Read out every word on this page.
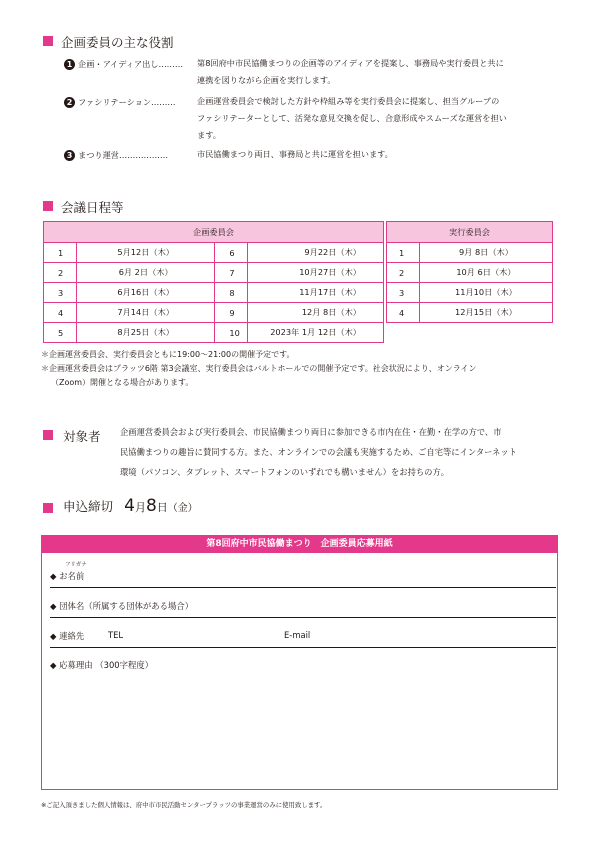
企画委員の主な役割
1 企画・アイディア出し……… 第8回府中市民協働まつりの企画等のアイディアを提案し、事務局や実行委員と共に
連携を図りながら企画を実行します。
2 ファシリテーション………	企画運営委員会で検討した方針や枠組み等を実行委員会に提案し、担当グループの
ファシリテーターとして、活発な意見交換を促し、合意形成やスムーズな運営を担い
ます。
3 まつり運営………………	市民協働まつり両日、事務局と共に運営を担います。
会議日程等
企画委員会			
1	5月12日（木）	6	9月22日（木）
2	6月 2日（木）	7	10月27日（木）
3	6月16日（木）	8	11月17日（木）
4	7月14日（木）	9	12月 8日（木）
5	8月25日（木）	10	2023年 1月 12日（木）
実行委員会	
1	9月 8日（木）
2	10月 6日（木）
3	11月10日（木）
4	12月15日（木）
＊企画運営委員会、実行委員会ともに19:00～21:00の開催予定です。
＊企画運営委員会はプラッツ6階 第3会議室、実行委員会はバルトホールでの開催予定です。社会状況により、オンライン
（Zoom）開催となる場合があります。
対象者 企画運営委員会および実行委員会、市民協働まつり両日に参加できる市内在住・在勤・在学の方で、市
民協働まつりの趣旨に賛同する方。また、オンラインでの会議も実施するため、ご自宅等にインターネット
環境（パソコン、タブレット、スマートフォンのいずれでも構いません）をお持ちの方。
申込締切 4月8日（金）
第8回府中市民協働まつり　企画委員応募用紙
フリガナ
◆ お名前
◆ 団体名（所属する団体がある場合）
◆ 連絡先	TEL	E-mail
◆ 応募理由 （300字程度）
※ご記入頂きました個人情報は、府中市市民活動センタープラッツの事業運営のみに使用致します。
